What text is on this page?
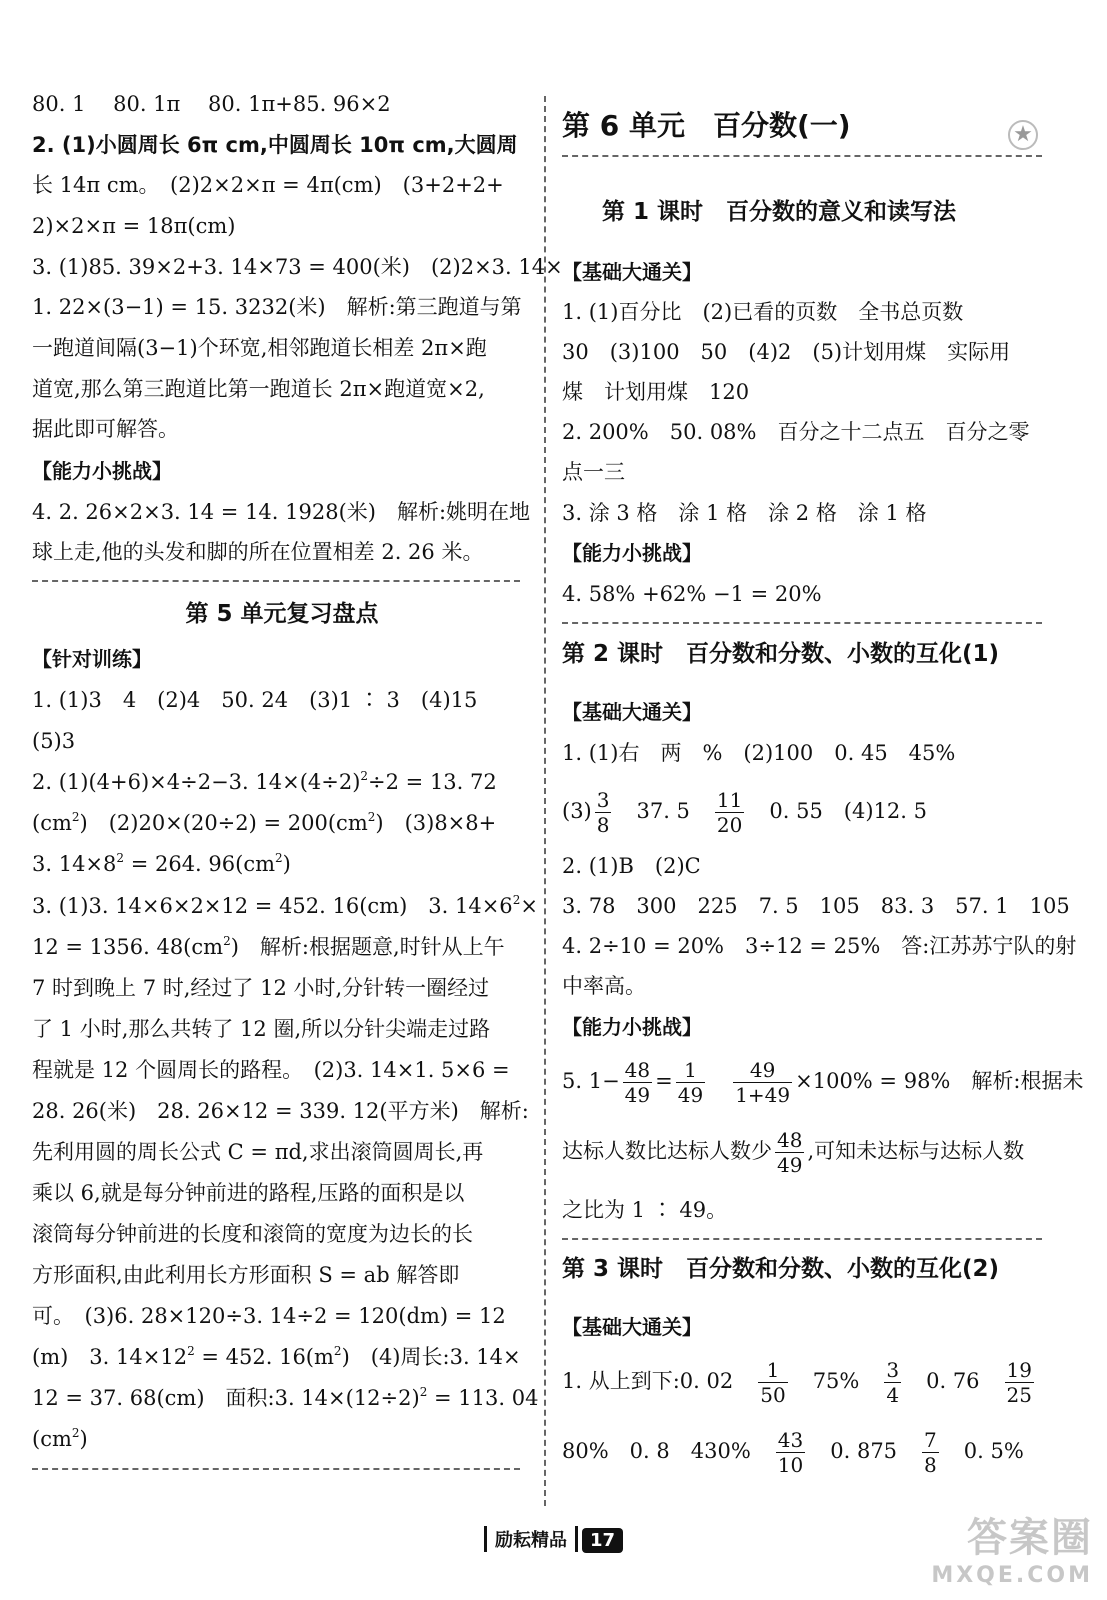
80. 1　 80. 1π　 80. 1π+85. 96×2
2. (1)小圆周长 6π cm,中圆周长 10π cm,大圆周
长 14π cm。　(2)2×2×π = 4π(cm)　(3+2+2+
2)×2×π = 18π(cm)
3. (1)85. 39×2+3. 14×73 = 400(米)　(2)2×3. 14×
1. 22×(3−1) = 15. 3232(米)　解析:第三跑道与第
一跑道间隔(3−1)个环宽,相邻跑道长相差 2π×跑
道宽,那么第三跑道比第一跑道长 2π×跑道宽×2,
据此即可解答。
【能力小挑战】
4. 2. 26×2×3. 14 = 14. 1928(米)　解析:姚明在地
球上走,他的头发和脚的所在位置相差 2. 26 米。
第 5 单元复习盘点
【针对训练】
1. (1)3　4　(2)4　50. 24　(3)1 ∶ 3　(4)15
(5)3
2. (1)(4+6)×4÷2−3. $14\times(4\div 2)^2\div 2 = 13$. 72
$(cm^2)$　$(2)20\times(20\div 2) = 200(cm^2)$　(3)8×8+
3. $14\times 8^2 = 264$. $96(cm^2)$
3. (1)3. 14×6×2×12 = 452. 16(cm)　3. $14\times 6^2\times$
12 = 1356. $48(cm^2)$　解析:根据题意,时针从上午
7 时到晚上 7 时,经过了 12 小时,分针转一圈经过
了 1 小时,那么共转了 12 圈,所以分针尖端走过路
程就是 12 个圆周长的路程。　(2)3. 14×1. 5×6 =
28. 26(米)　28. 26×12 = 339. 12(平方米)　解析:
先利用圆的周长公式 C = πd,求出滚筒圆周长,再
乘以 6,就是每分钟前进的路程,压路的面积是以
滚筒每分钟前进的长度和滚筒的宽度为边长的长
方形面积,由此利用长方形面积 S = ab 解答即
可。　(3)6. 28×120÷3. 14÷2 = 120(dm) = 12
(m)　3. $14\times 12^2 = 452$. $16(m^2)$　(4)周长:3. 14×
12 = 37. 68(cm)　面积:3. $14\times(12\div 2)^2 = 113$. 04
$(cm^2)$
第 6 单元　百分数(一)
第 1 课时　百分数的意义和读写法
【基础大通关】
1. (1)百分比　(2)已看的页数　全书总页数
30　(3)100　50　(4)2　(5)计划用煤　实际用
煤　计划用煤　120
2. 200%　50. 08%　百分之十二点五　百分之零
点一三
3. 涂 3 格　涂 1 格　涂 2 格　涂 1 格
【能力小挑战】
4. 58% +62% −1 = 20%
第 2 课时　百分数和分数、小数的互化(1)
【基础大通关】
1. (1)右　两　%　(2)100　0. 45　45%
$(3) \frac{3}{8} 37$. $5 \frac{11}{20} 0$. 55　(4)12. 5
2. (1)B　(2)C
3. 78　300　225　7. 5　105　83. 3　57. 1　105
4. 2÷10 = 20%　3÷12 = 25%　答:江苏苏宁队的射
中率高。
【能力小挑战】
5. $1- \frac{48}{49} = \frac{1}{49} \frac{49}{1+49} \times 100\% = 98\%$　解析:根据未
达标人数比达标人数少 $\frac{48}{49}$ ,可知未达标与达标人数
之比为 1 ∶ 49。
第 3 课时　百分数和分数、小数的互化(2)
【基础大通关】
1. 从上到下:0. $02 \frac{1}{50} 75\% \frac{3}{4} 0$. $76 \frac{19}{25}$
80%　0. 8　$430\% \frac{43}{10} 0$. $875 \frac{7}{8} 0$. 5%
★
励耘精品 17	答案圈
MXQE.COM
